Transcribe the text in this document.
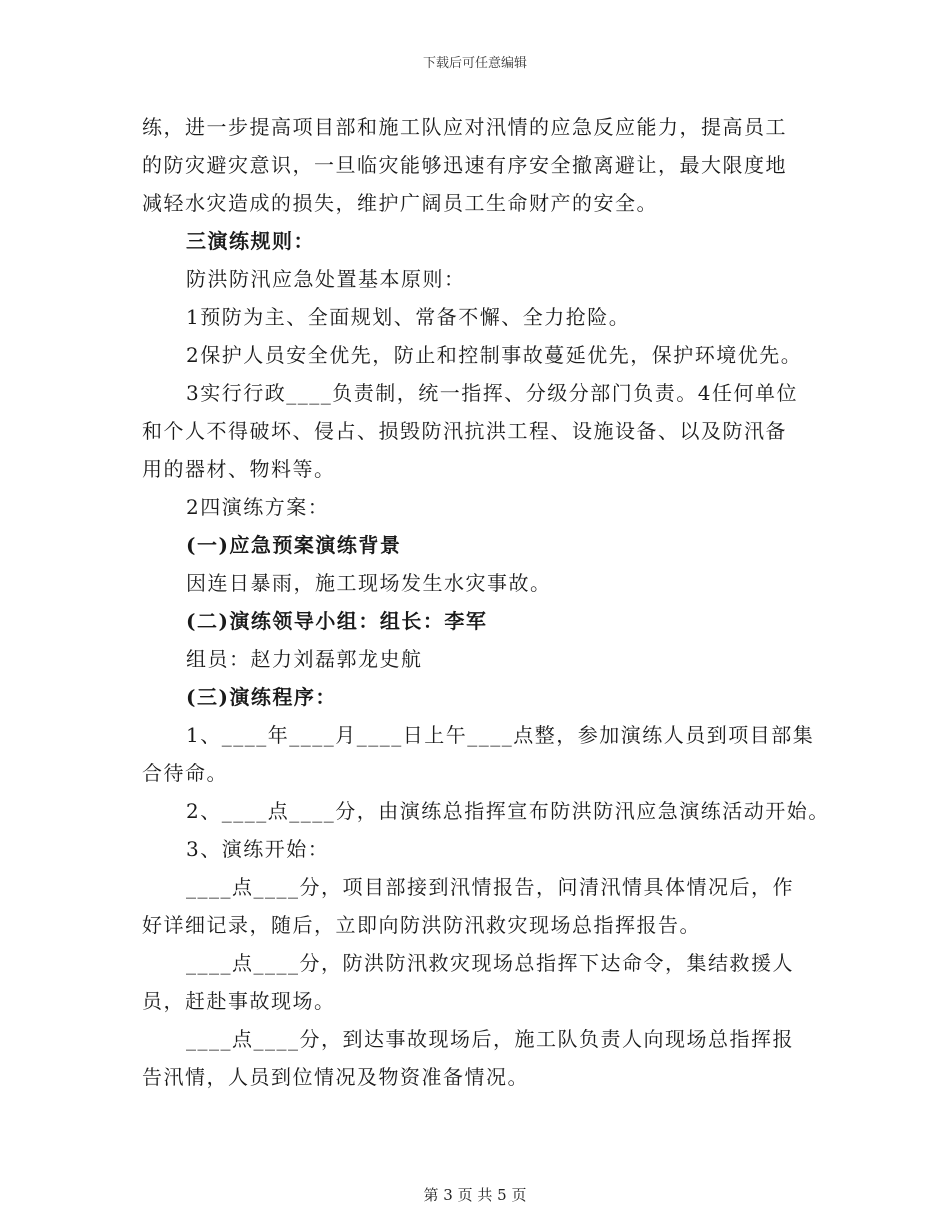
下载后可任意编辑
练，进一步提高项目部和施工队应对汛情的应急反应能力，提高员工
的防灾避灾意识，一旦临灾能够迅速有序安全撤离避让，最大限度地
减轻水灾造成的损失，维护广阔员工生命财产的安全。
三演练规则：
防洪防汛应急处置基本原则：
1预防为主、全面规划、常备不懈、全力抢险。
2保护人员安全优先，防止和控制事故蔓延优先，保护环境优先。
3实行行政____负责制，统一指挥、分级分部门负责。4任何单位
和个人不得破坏、侵占、损毁防汛抗洪工程、设施设备、以及防汛备
用的器材、物料等。
2四演练方案：
(一)应急预案演练背景
因连日暴雨，施工现场发生水灾事故。
(二)演练领导小组：组长：李军
组员：赵力刘磊郭龙史航
(三)演练程序：
1、____年____月____日上午____点整，参加演练人员到项目部集
合待命。
2、____点____分，由演练总指挥宣布防洪防汛应急演练活动开始。
3、演练开始：
____点____分，项目部接到汛情报告，问清汛情具体情况后，作
好详细记录，随后，立即向防洪防汛救灾现场总指挥报告。
____点____分，防洪防汛救灾现场总指挥下达命令，集结救援人
员，赶赴事故现场。
____点____分，到达事故现场后，施工队负责人向现场总指挥报
告汛情，人员到位情况及物资准备情况。
第 3 页 共 5 页
